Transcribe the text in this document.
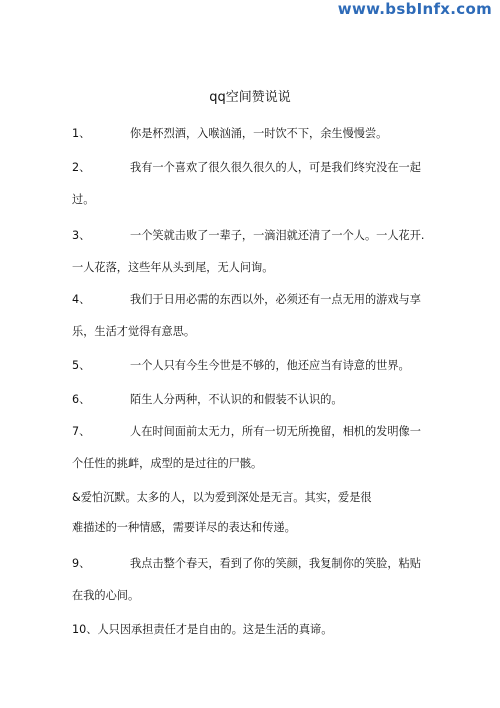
www.bsbInfx.com
qq空间赞说说
1、	你是杯烈酒，入喉汹涌，一时饮不下，余生慢慢尝。
2、	我有一个喜欢了很久很久很久的人，可是我们终究没在一起
过。
3、	一个笑就击败了一辈子，一滴泪就还清了一个人。一人花开.
一人花落，这些年从头到尾，无人问询。
4、	我们于日用必需的东西以外，必须还有一点无用的游戏与享
乐，生活才觉得有意思。
5、	一个人只有今生今世是不够的，他还应当有诗意的世界。
6、	陌生人分两种，不认识的和假装不认识的。
7、	人在时间面前太无力，所有一切无所挽留，相机的发明像一
个任性的挑衅，成型的是过往的尸骸。
&爱怕沉默。太多的人，以为爱到深处是无言。其实，爱是很
难描述的一种情感，需要详尽的表达和传递。
9、	我点击整个春天，看到了你的笑颜，我复制你的笑脸，粘贴
在我的心间。
10、人只因承担责任才是自由的。这是生活的真谛。
